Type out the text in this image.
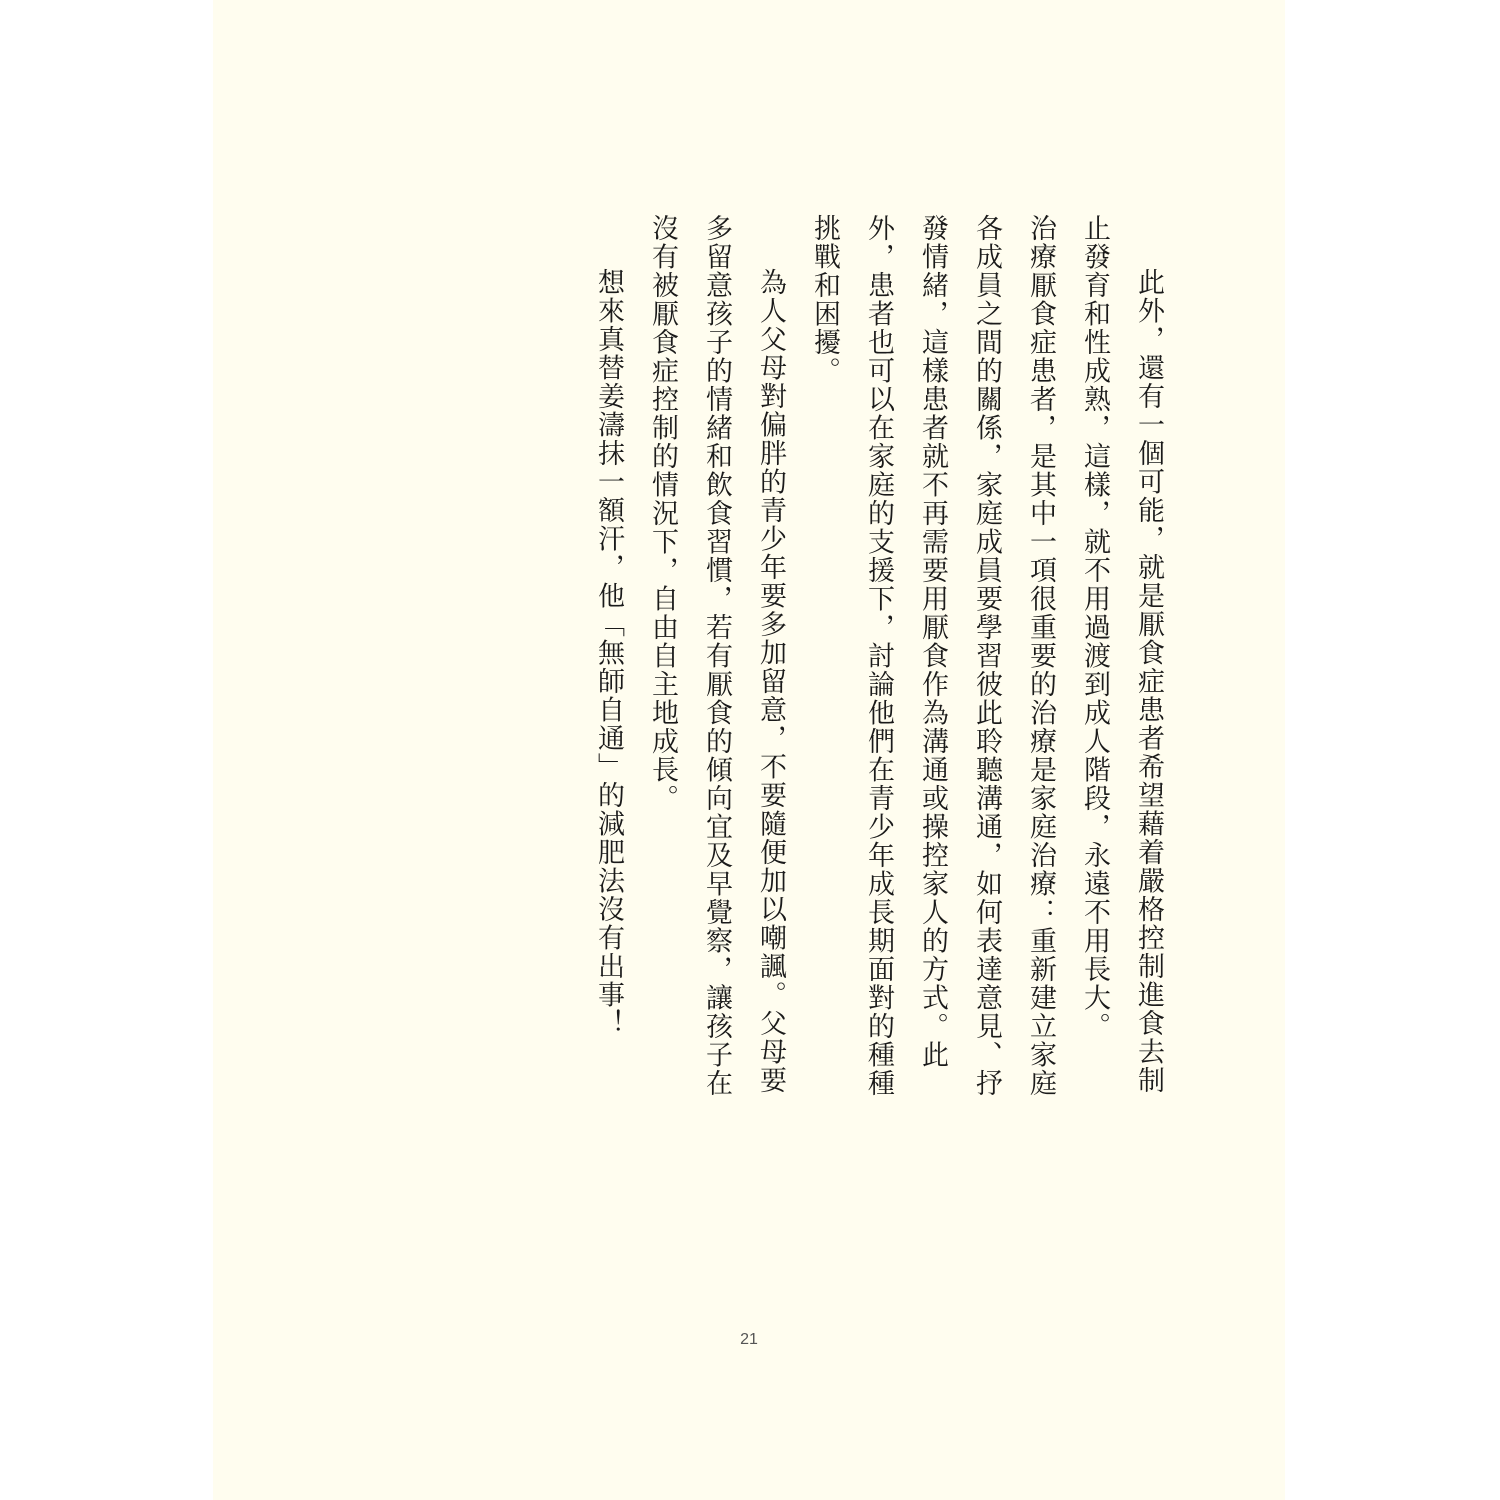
此外，還有一個可能，就是厭食症患者希望藉着嚴格控制進食去制止發育和性成熟，這樣，就不用過渡到成人階段，永遠不用長大。

治療厭食症患者，是其中一項很重要的治療是家庭治療：重新建立家庭各成員之間的關係，家庭成員要學習彼此聆聽溝通，如何表達意見、抒發情緒，這樣患者就不再需要用厭食作為溝通或操控家人的方式。此外，患者也可以在家庭的支援下，討論他們在青少年成長期面對的種種挑戰和困擾。

為人父母對偏胖的青少年要多加留意，不要隨便加以嘲諷。父母要多留意孩子的情緒和飲食習慣，若有厭食的傾向宜及早覺察，讓孩子在沒有被厭食症控制的情況下，自由自主地成長。

想來真替姜濤抹一額汗，他「無師自通」的減肥法沒有出事！

21
